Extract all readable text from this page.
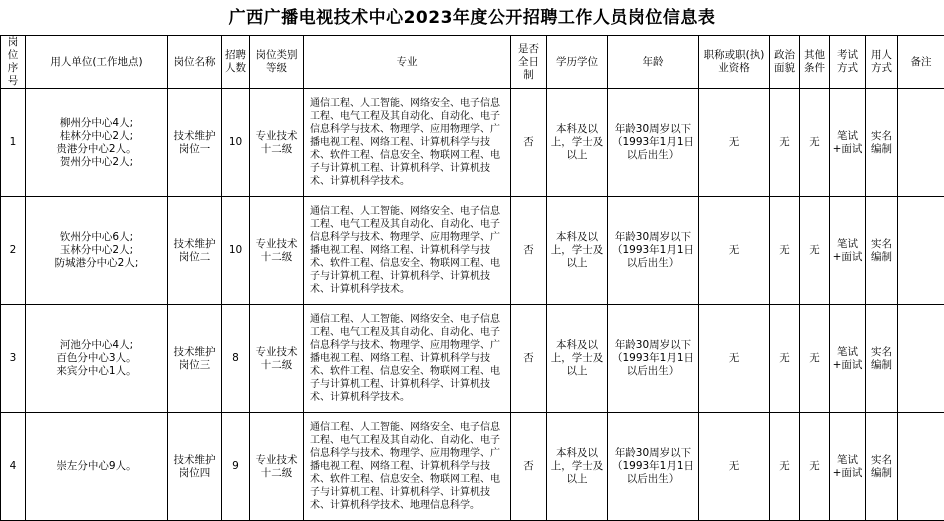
广西广播电视技术中心2023年度公开招聘工作人员岗位信息表
岗位序号	用人单位(工作地点)	岗位名称	招聘人数	岗位类别等级	专业	是否全日制	学历学位	年龄	职称或职(执)业资格	政治面貌	其他条件	考试方式	用人方式	备注
1	柳州分中心4人;
桂林分中心2人;
贵港分中心2人。
贺州分中心2人;	技术维护岗位一	10	专业技术十二级	通信工程、人工智能、网络安全、电子信息工程、电气工程及其自动化、自动化、电子信息科学与技术、物理学、应用物理学、广播电视工程、网络工程、计算机科学与技术、软件工程、信息安全、物联网工程、电子与计算机工程、计算机科学、计算机技术、计算机科学技术。	否	本科及以上，学士及以上	年龄30周岁以下（1993年1月1日以后出生）	无	无	无	笔试+面试	实名编制	
2	钦州分中心6人;
玉林分中心2人;
防城港分中心2人;	技术维护岗位二	10	专业技术十二级	通信工程、人工智能、网络安全、电子信息工程、电气工程及其自动化、自动化、电子信息科学与技术、物理学、应用物理学、广播电视工程、网络工程、计算机科学与技术、软件工程、信息安全、物联网工程、电子与计算机工程、计算机科学、计算机技术、计算机科学技术。	否	本科及以上，学士及以上	年龄30周岁以下（1993年1月1日以后出生）	无	无	无	笔试+面试	实名编制	
3	河池分中心4人;
百色分中心3人。
来宾分中心1人。	技术维护岗位三	8	专业技术十二级	通信工程、人工智能、网络安全、电子信息工程、电气工程及其自动化、自动化、电子信息科学与技术、物理学、应用物理学、广播电视工程、网络工程、计算机科学与技术、软件工程、信息安全、物联网工程、电子与计算机工程、计算机科学、计算机技术、计算机科学技术。	否	本科及以上，学士及以上	年龄30周岁以下（1993年1月1日以后出生）	无	无	无	笔试+面试	实名编制	
4	崇左分中心9人。	技术维护岗位四	9	专业技术十二级	通信工程、人工智能、网络安全、电子信息工程、电气工程及其自动化、自动化、电子信息科学与技术、物理学、应用物理学、广播电视工程、网络工程、计算机科学与技术、软件工程、信息安全、物联网工程、电子与计算机工程、计算机科学、计算机技术、计算机科学技术、地理信息科学。	否	本科及以上，学士及以上	年龄30周岁以下（1993年1月1日以后出生）	无	无	无	笔试+面试	实名编制	
